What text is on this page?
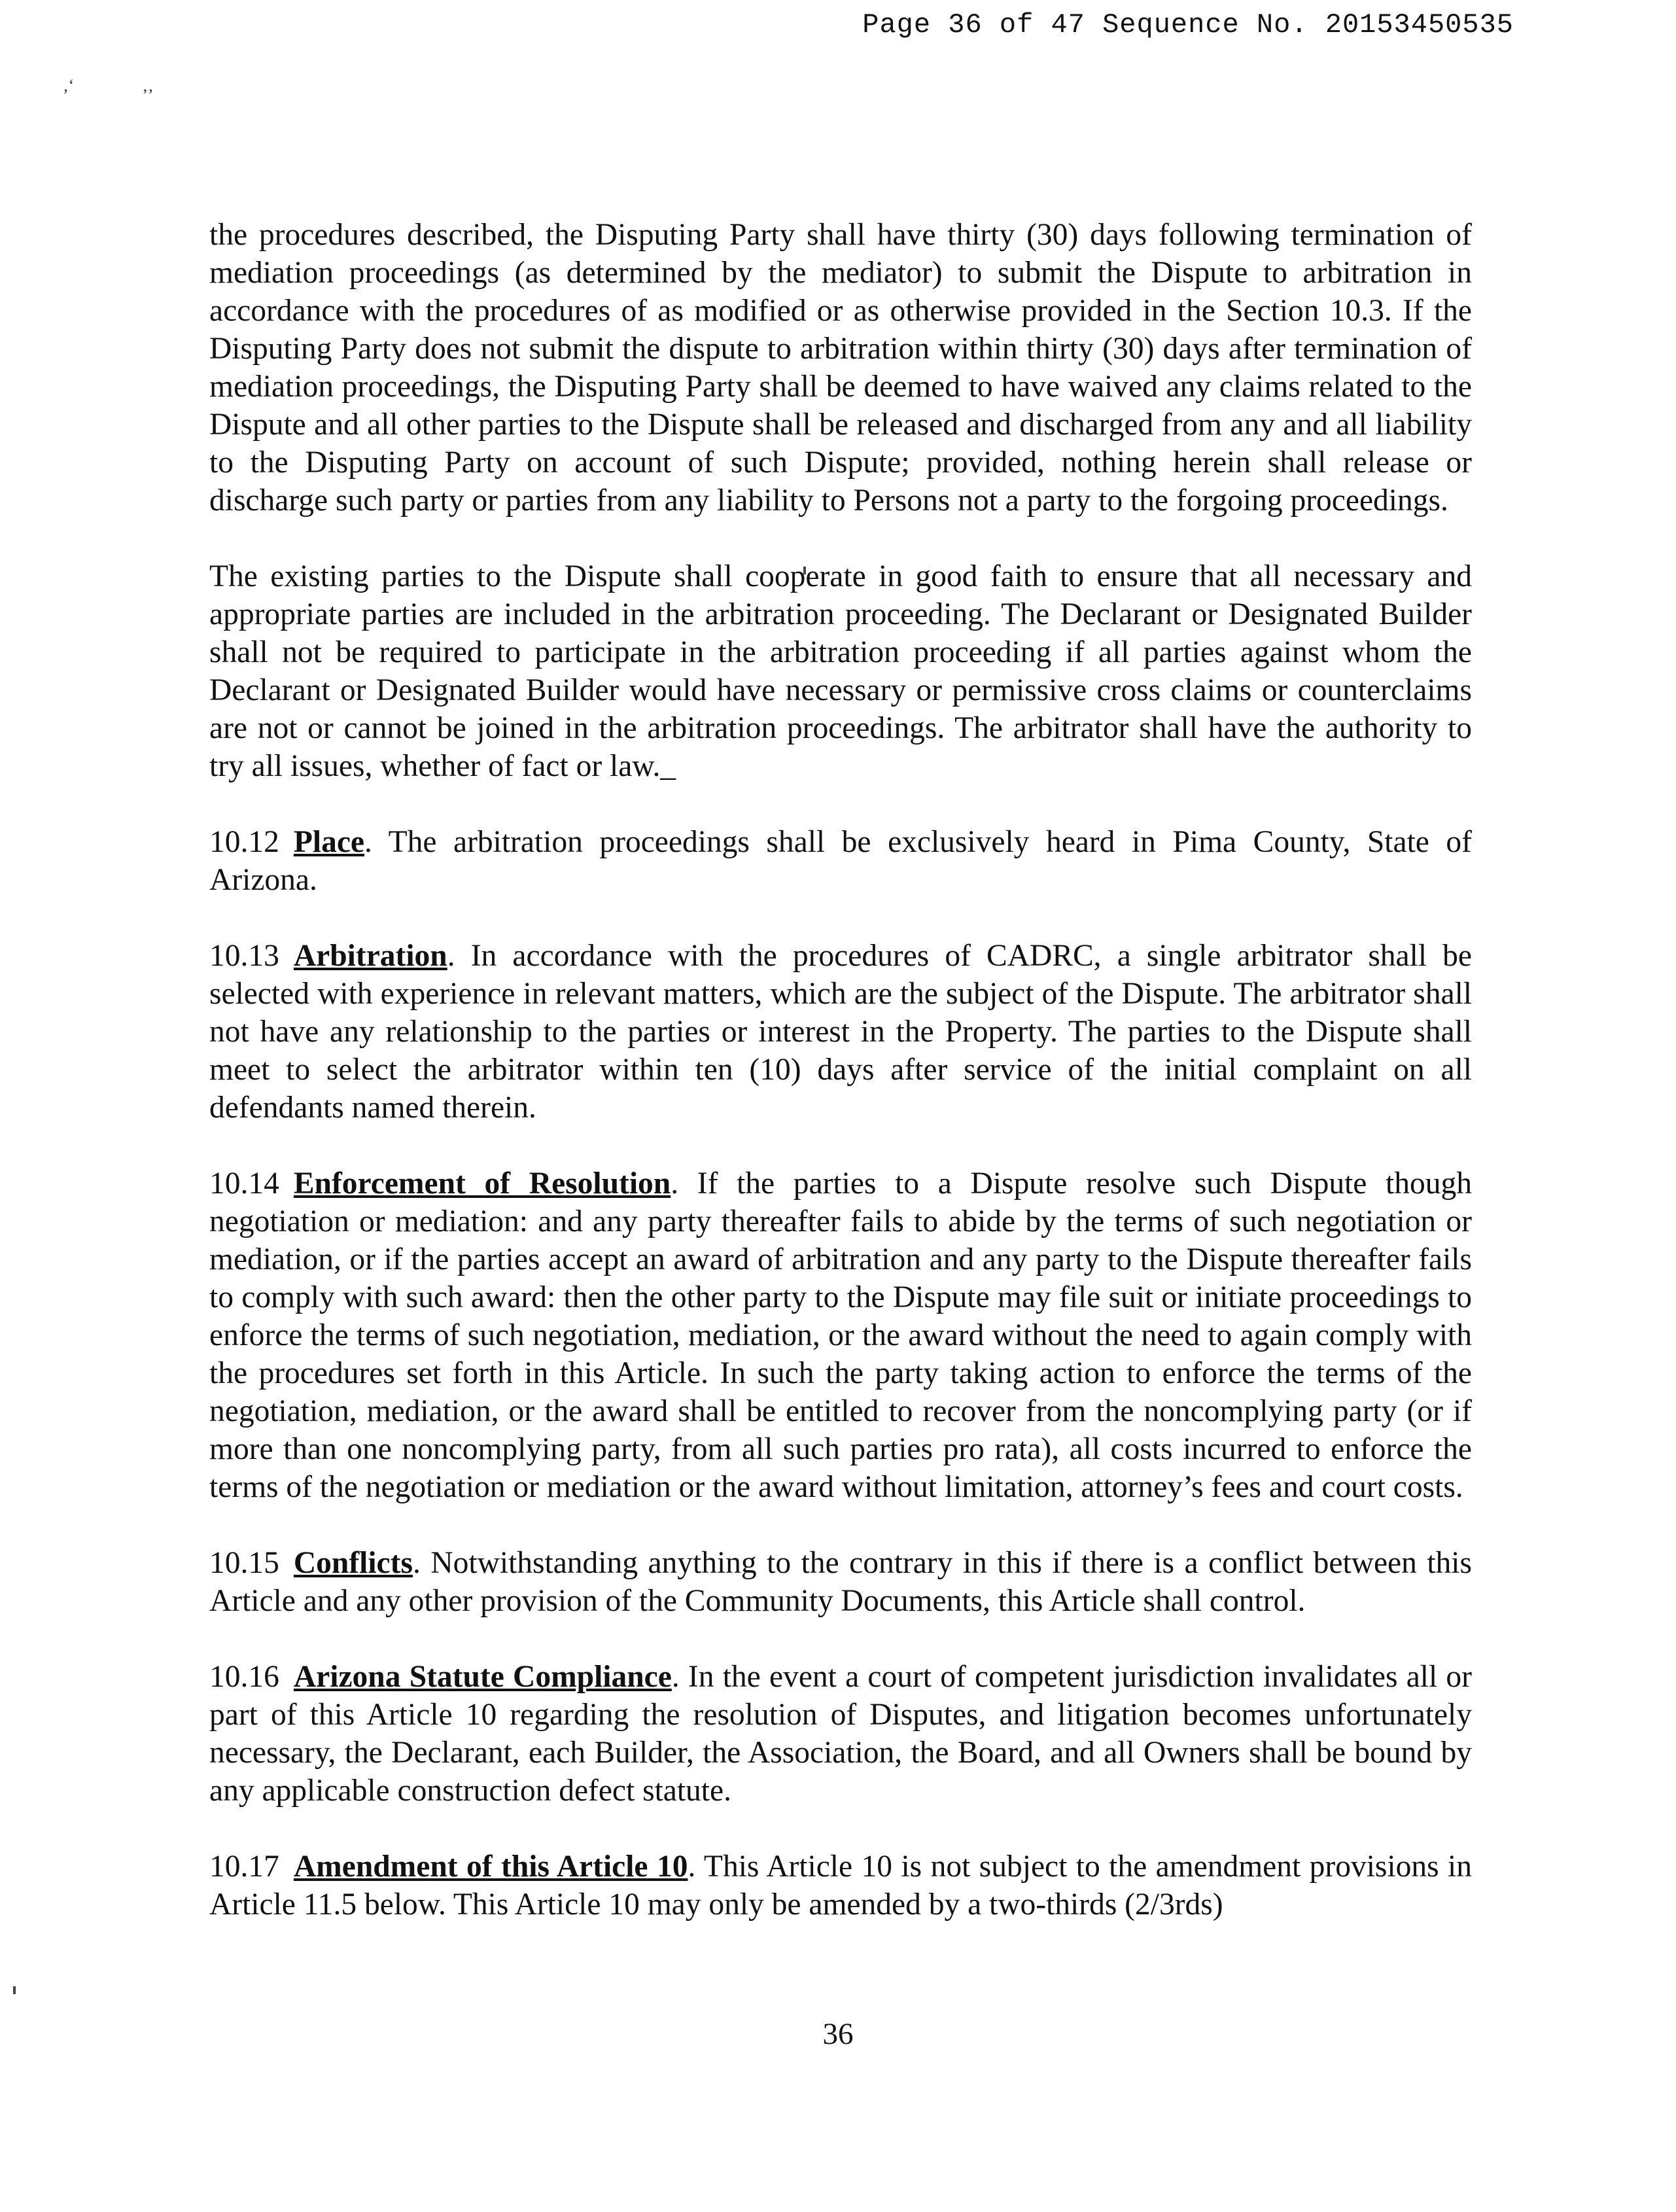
Page 36 of 47 Sequence No. 20153450535
‚‘	‚‚

the procedures described, the Disputing Party shall have thirty (30) days following termination of mediation proceedings (as determined by the mediator) to submit the Dispute to arbitration in accordance with the procedures of as modified or as otherwise provided in the Section 10.3. If the Disputing Party does not submit the dispute to arbitration within thirty (30) days after termination of mediation proceedings, the Disputing Party shall be deemed to have waived any claims related to the Dispute and all other parties to the Dispute shall be released and discharged from any and all liability to the Disputing Party on account of such Dispute; provided, nothing herein shall release or discharge such party or parties from any liability to Persons not a party to the forgoing proceedings.

The existing parties to the Dispute shall cooperate in good faith to ensure that all necessary and appropriate parties are included in the arbitration proceeding. The Declarant or Designated Builder shall not be required to participate in the arbitration proceeding if all parties against whom the Declarant or Designated Builder would have necessary or permissive cross claims or counterclaims are not or cannot be joined in the arbitration proceedings. The arbitrator shall have the authority to try all issues, whether of fact or law._

10.12 Place. The arbitration proceedings shall be exclusively heard in Pima County, State of Arizona.

10.13 Arbitration. In accordance with the procedures of CADRC, a single arbitrator shall be selected with experience in relevant matters, which are the subject of the Dispute. The arbitrator shall not have any relationship to the parties or interest in the Property. The parties to the Dispute shall meet to select the arbitrator within ten (10) days after service of the initial complaint on all defendants named therein.

10.14 Enforcement of Resolution. If the parties to a Dispute resolve such Dispute though negotiation or mediation: and any party thereafter fails to abide by the terms of such negotiation or mediation, or if the parties accept an award of arbitration and any party to the Dispute thereafter fails to comply with such award: then the other party to the Dispute may file suit or initiate proceedings to enforce the terms of such negotiation, mediation, or the award without the need to again comply with the procedures set forth in this Article. In such the party taking action to enforce the terms of the negotiation, mediation, or the award shall be entitled to recover from the noncomplying party (or if more than one noncomplying party, from all such parties pro rata), all costs incurred to enforce the terms of the negotiation or mediation or the award without limitation, attorney’s fees and court costs.

10.15 Conflicts. Notwithstanding anything to the contrary in this if there is a conflict between this Article and any other provision of the Community Documents, this Article shall control.

10.16 Arizona Statute Compliance. In the event a court of competent jurisdiction invalidates all or part of this Article 10 regarding the resolution of Disputes, and litigation becomes unfortunately necessary, the Declarant, each Builder, the Association, the Board, and all Owners shall be bound by any applicable construction defect statute.

10.17 Amendment of this Article 10. This Article 10 is not subject to the amendment provisions in Article 11.5 below. This Article 10 may only be amended by a two-thirds (2/3rds)

36
